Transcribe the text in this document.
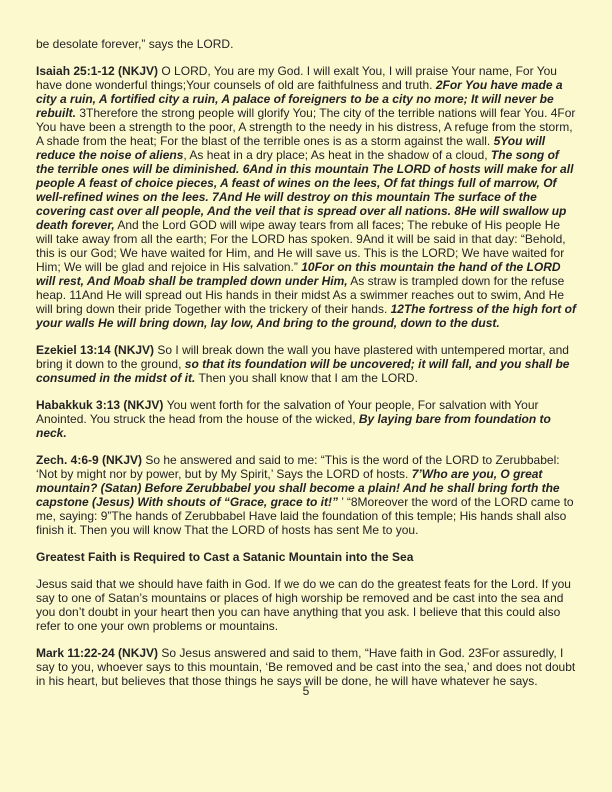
be desolate forever,” says the LORD.

Isaiah 25:1-12 (NKJV) O LORD, You are my God. I will exalt You, I will praise Your name, For You have done wonderful things;Your counsels of old are faithfulness and truth. 2For You have made a city a ruin, A fortified city a ruin, A palace of foreigners to be a city no more; It will never be rebuilt. 3Therefore the strong people will glorify You; The city of the terrible nations will fear You. 4For You have been a strength to the poor, A strength to the needy in his distress, A refuge from the storm, A shade from the heat; For the blast of the terrible ones is as a storm against the wall. 5You will reduce the noise of aliens, As heat in a dry place; As heat in the shadow of a cloud, The song of the terrible ones will be diminished. 6And in this mountain The LORD of hosts will make for all people A feast of choice pieces, A feast of wines on the lees, Of fat things full of marrow, Of well-refined wines on the lees. 7And He will destroy on this mountain The surface of the covering cast over all people, And the veil that is spread over all nations. 8He will swallow up death forever, And the Lord GOD will wipe away tears from all faces; The rebuke of His people He will take away from all the earth; For the LORD has spoken. 9And it will be said in that day: “Behold, this is our God; We have waited for Him, and He will save us. This is the LORD; We have waited for Him; We will be glad and rejoice in His salvation.” 10For on this mountain the hand of the LORD will rest, And Moab shall be trampled down under Him, As straw is trampled down for the refuse heap. 11And He will spread out His hands in their midst As a swimmer reaches out to swim, And He will bring down their pride Together with the trickery of their hands. 12The fortress of the high fort of your walls He will bring down, lay low, And bring to the ground, down to the dust.

Ezekiel 13:14 (NKJV) So I will break down the wall you have plastered with untempered mortar, and bring it down to the ground, so that its foundation will be uncovered; it will fall, and you shall be consumed in the midst of it. Then you shall know that I am the LORD.

Habakkuk 3:13 (NKJV) You went forth for the salvation of Your people, For salvation with Your Anointed. You struck the head from the house of the wicked, By laying bare from foundation to neck.

Zech. 4:6-9 (NKJV) So he answered and said to me: “This is the word of the LORD to Zerubbabel: ‘Not by might nor by power, but by My Spirit,’ Says the LORD of hosts. 7’Who are you, O great mountain? (Satan) Before Zerubbabel you shall become a plain! And he shall bring forth the capstone (Jesus) With shouts of “Grace, grace to it!” ’ “8Moreover the word of the LORD came to me, saying: 9”The hands of Zerubbabel Have laid the foundation of this temple; His hands shall also finish it. Then you will know That the LORD of hosts has sent Me to you.

Greatest Faith is Required to Cast a Satanic Mountain into the Sea

Jesus said that we should have faith in God. If we do we can do the greatest feats for the Lord. If you say to one of Satan’s mountains or places of high worship be removed and be cast into the sea and you don’t doubt in your heart then you can have anything that you ask. I believe that this could also refer to one your own problems or mountains.

Mark 11:22-24 (NKJV) So Jesus answered and said to them, “Have faith in God. 23For assuredly, I say to you, whoever says to this mountain, ‘Be removed and be cast into the sea,’ and does not doubt in his heart, but believes that those things he says will be done, he will have whatever he says.

5
